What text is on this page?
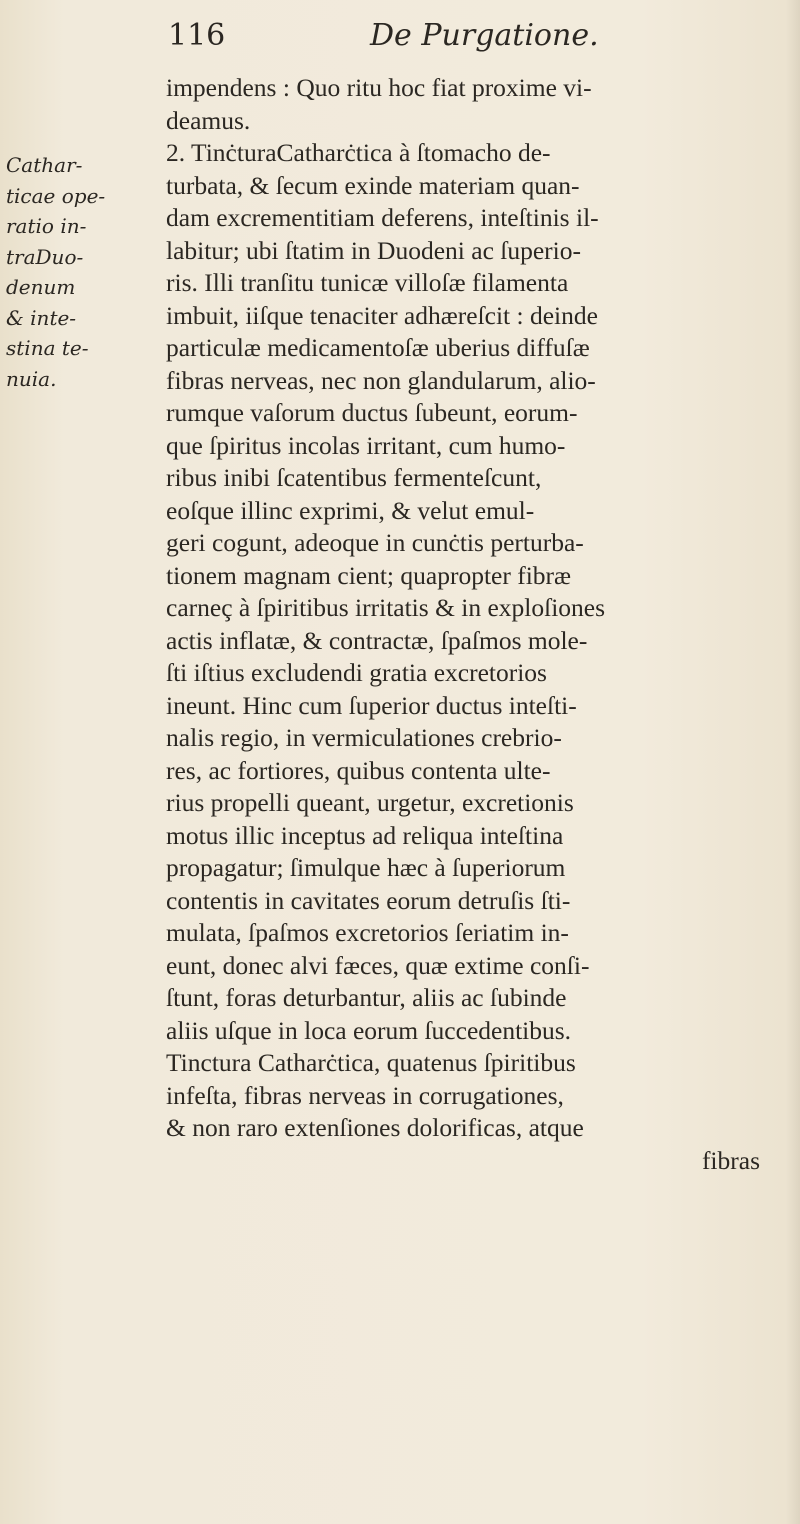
116	De Purgatione.
Cathar-
ticae ope-
ratio in-
traDuo-
denum
& inte-
stina te-
nuia.
impendens : Quo ritu hoc fiat proxime vi-
deamus.
2. TinċturaCatharċtica à ſtomacho de-
turbata, & ſecum exinde materiam quan-
dam excrementitiam deferens, inteſtinis il-
labitur; ubi ſtatim in Duodeni ac ſuperio-
ris. Illi tranſitu tunicæ villoſæ filamenta
imbuit, iiſque tenaciter adhæreſcit : deinde
particulæ medicamentoſæ uberius diffuſæ
fibras nerveas, nec non glandularum, alio-
rumque vaſorum ductus ſubeunt, eorum-
que ſpiritus incolas irritant, cum humo-
ribus inibi ſcatentibus fermenteſcunt,
eoſque illinc exprimi, & velut emul-
geri cogunt, adeoque in cunċtis perturba-
tionem magnam cient; quapropter fibræ
carneç à ſpiritibus irritatis & in exploſiones
actis inflatæ, & contractæ, ſpaſmos mole-
ſti iſtius excludendi gratia excretorios
ineunt. Hinc cum ſuperior ductus inteſti-
nalis regio, in vermiculationes crebrio-
res, ac fortiores, quibus contenta ulte-
rius propelli queant, urgetur, excretionis
motus illic inceptus ad reliqua inteſtina
propagatur; ſimulque hæc à ſuperiorum
contentis in cavitates eorum detruſis ſti-
mulata, ſpaſmos excretorios ſeriatim in-
eunt, donec alvi fæces, quæ extime conſi-
ſtunt, foras deturbantur, aliis ac ſubinde
aliis uſque in loca eorum ſuccedentibus.
Tinctura Catharċtica, quatenus ſpiritibus
infeſta, fibras nerveas in corrugationes,
& non raro extenſiones dolorificas, atque
fibras
